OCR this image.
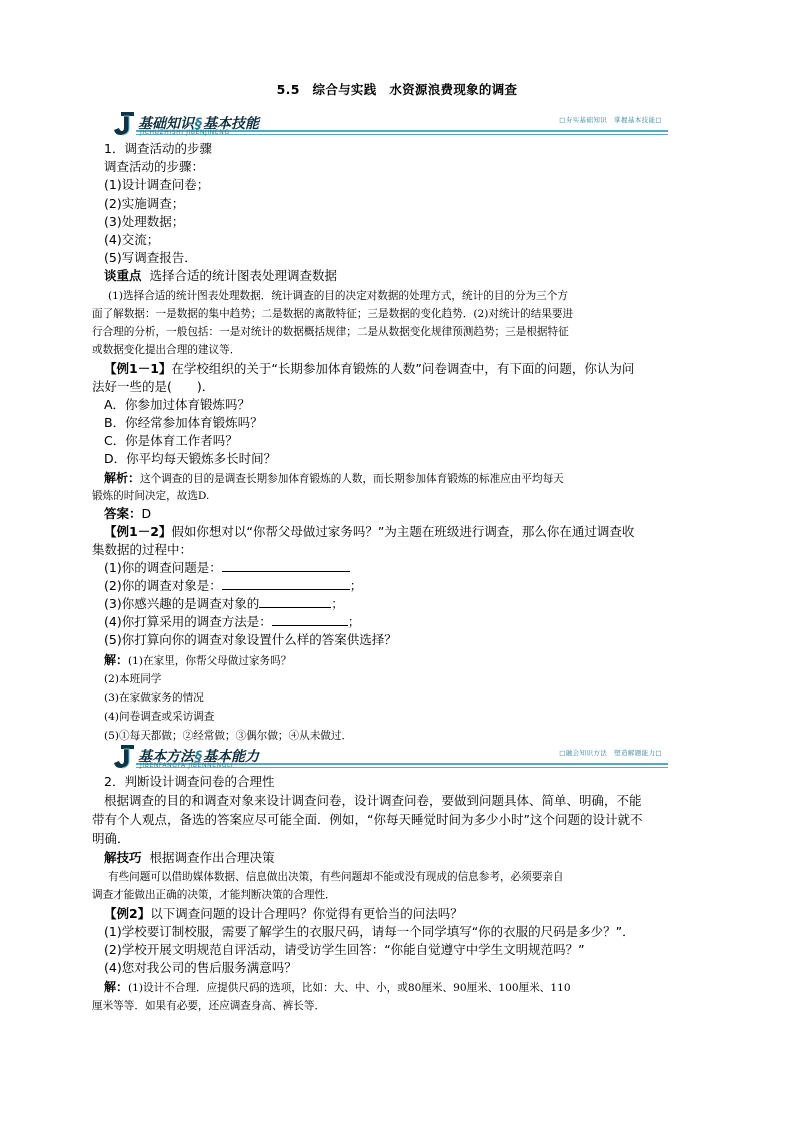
5.5　综合与实践　水资源浪费现象的调查
基础知识§基本技能
JICHUZHISHI JIBENJINENG
□夯实基础知识　掌握基本技能□
1．调查活动的步骤
调查活动的步骤：
(1)设计调查问卷；
(2)实施调查；
(3)处理数据；
(4)交流；
(5)写调查报告．
谈重点 选择合适的统计图表处理调查数据
(1)选择合适的统计图表处理数据．统计调查的目的决定对数据的处理方式，统计的目的分为三个方
面了解数据：一是数据的集中趋势；二是数据的离散特征；三是数据的变化趋势．(2)对统计的结果要进
行合理的分析，一般包括：一是对统计的数据概括规律；二是从数据变化规律预测趋势；三是根据特征
或数据变化提出合理的建议等．
【例1－1】在学校组织的关于“长期参加体育锻炼的人数”问卷调查中，有下面的问题，你认为问
法好一些的是(　　)．
A．你参加过体育锻炼吗？
B．你经常参加体育锻炼吗？
C．你是体育工作者吗？
D．你平均每天锻炼多长时间？
解析：这个调查的目的是调查长期参加体育锻炼的人数，而长期参加体育锻炼的标准应由平均每天
锻炼的时间决定，故选D.
答案：D
【例1－2】假如你想对以“你帮父母做过家务吗？”为主题在班级进行调查，那么你在通过调查收
集数据的过程中：
(1)你的调查问题是：
(2)你的调查对象是：	；
(3)你感兴趣的是调查对象的	；
(4)你打算采用的调查方法是：	；
(5)你打算向你的调查对象设置什么样的答案供选择？
解：(1)在家里，你帮父母做过家务吗？
(2)本班同学
(3)在家做家务的情况
(4)问卷调查或采访调查
(5)①每天都做；②经常做；③偶尔做；④从未做过．
基本方法§基本能力
JIBENFANGFA JIBENNENGLI
□融会知识方法　塑造解题能力□
2．判断设计调查问卷的合理性
根据调查的目的和调查对象来设计调查问卷，设计调查问卷，要做到问题具体、简单、明确，不能
带有个人观点，备选的答案应尽可能全面．例如，“你每天睡觉时间为多少小时”这个问题的设计就不
明确．
解技巧 根据调查作出合理决策
有些问题可以借助媒体数据、信息做出决策，有些问题却不能或没有现成的信息参考，必须要亲自
调查才能做出正确的决策，才能判断决策的合理性．
【例2】以下调查问题的设计合理吗？你觉得有更恰当的问法吗？
(1)学校要订制校服，需要了解学生的衣服尺码，请每一个同学填写“你的衣服的尺码是多少？”．
(2)学校开展文明规范自评活动，请受访学生回答：“你能自觉遵守中学生文明规范吗？”
(4)您对我公司的售后服务满意吗？
解：(1)设计不合理．应提供尺码的选项，比如：大、中、小，或80厘米、90厘米、100厘米、110
厘米等等．如果有必要，还应调查身高、裤长等．
